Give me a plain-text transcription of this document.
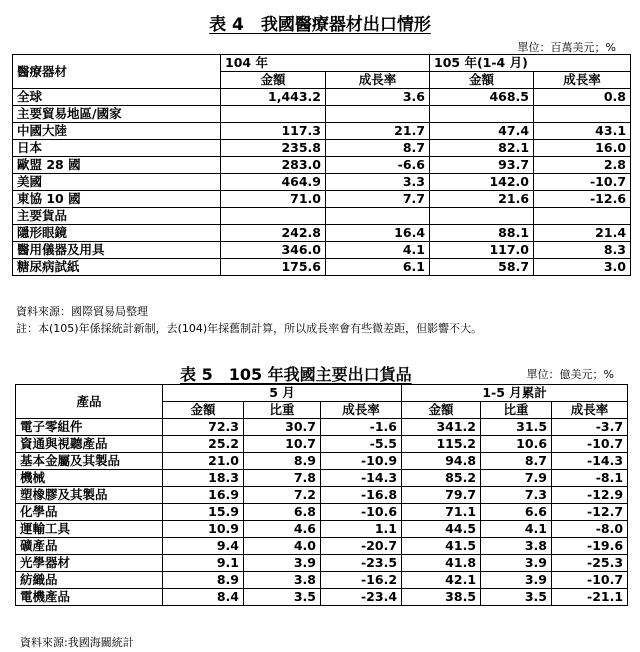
表 4　我國醫療器材出口情形
單位：百萬美元；%
醫療器材	104 年		105 年(1-4 月)	
	金額	成長率	金額	成長率
全球	1,443.2	3.6	468.5	0.8
主要貿易地區/國家				
中國大陸	117.3	21.7	47.4	43.1
日本	235.8	8.7	82.1	16.0
歐盟 28 國	283.0	-6.6	93.7	2.8
美國	464.9	3.3	142.0	-10.7
東協 10 國	71.0	7.7	21.6	-12.6
主要貨品				
隱形眼鏡	242.8	16.4	88.1	21.4
醫用儀器及用具	346.0	4.1	117.0	8.3
糖尿病試紙	175.6	6.1	58.7	3.0
資料來源：國際貿易局整理
註：本(105)年係採統計新制，去(104)年採舊制計算，所以成長率會有些微差距，但影響不大。
表 5　105 年我國主要出口貨品	單位：億美元；%
產品	5 月			1-5 月累計		
	金額	比重	成長率	金額	比重	成長率
電子零組件	72.3	30.7	-1.6	341.2	31.5	-3.7
資通與視聽產品	25.2	10.7	-5.5	115.2	10.6	-10.7
基本金屬及其製品	21.0	8.9	-10.9	94.8	8.7	-14.3
機械	18.3	7.8	-14.3	85.2	7.9	-8.1
塑橡膠及其製品	16.9	7.2	-16.8	79.7	7.3	-12.9
化學品	15.9	6.8	-10.6	71.1	6.6	-12.7
運輸工具	10.9	4.6	1.1	44.5	4.1	-8.0
礦產品	9.4	4.0	-20.7	41.5	3.8	-19.6
光學器材	9.1	3.9	-23.5	41.8	3.9	-25.3
紡織品	8.9	3.8	-16.2	42.1	3.9	-10.7
電機產品	8.4	3.5	-23.4	38.5	3.5	-21.1
資料來源:我國海關統計
